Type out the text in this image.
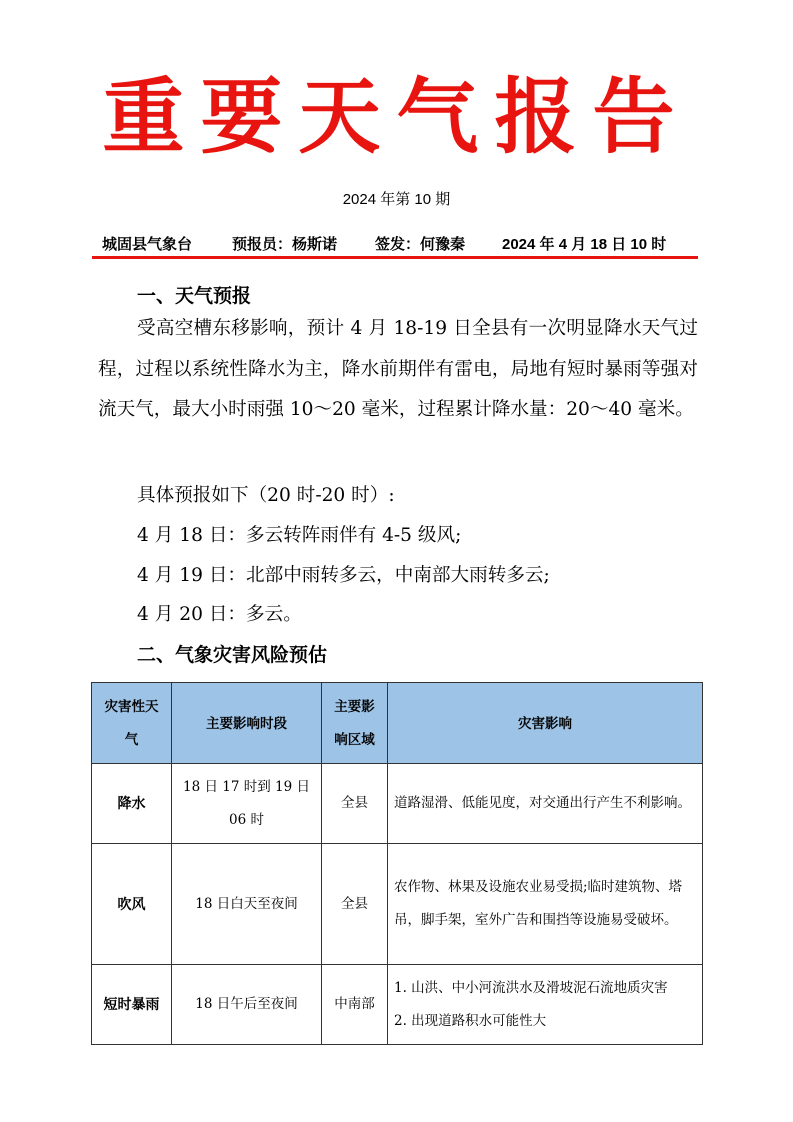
重要天气报告
2024 年第 10 期
城固县气象台	预报员：杨斯诺	签发：何豫秦 2024 年 4 月 18 日 10 时
一、天气预报

受高空槽东移影响，预计 4 月 18-19 日全县有一次明显降水天气过程，过程以系统性降水为主，降水前期伴有雷电，局地有短时暴雨等强对流天气，最大小时雨强 10～20 毫米，过程累计降水量：20～40 毫米。

具体预报如下（20 时-20 时）:
4 月 18 日：多云转阵雨伴有 4-5 级风;
4 月 19 日：北部中雨转多云，中南部大雨转多云;
4 月 20 日：多云。
二、气象灾害风险预估
灾害性天气	主要影响时段	主要影响区域	灾害影响
降水	18 日 17 时到 19 日 06 时	全县	道路湿滑、低能见度，对交通出行产生不利影响。
吹风	18 日白天至夜间	全县	农作物、林果及设施农业易受损;临时建筑物、塔吊，脚手架，室外广告和围挡等设施易受破坏。
短时暴雨	18 日午后至夜间	中南部	1. 山洪、中小河流洪水及滑坡泥石流地质灾害
2. 出现道路积水可能性大
